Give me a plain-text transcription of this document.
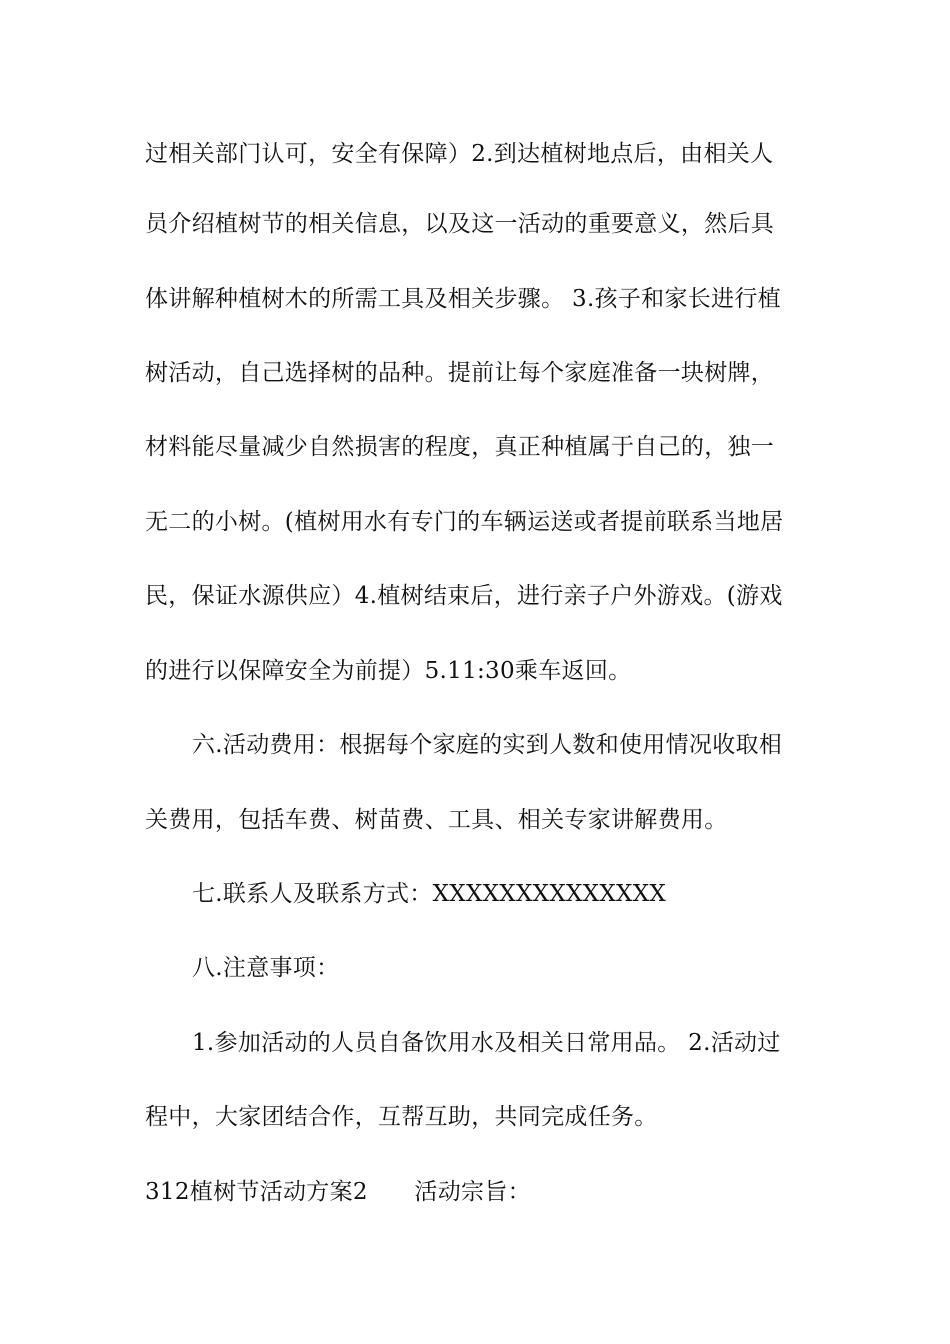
过相关部门认可，安全有保障）2.到达植树地点后，由相关人
员介绍植树节的相关信息，以及这一活动的重要意义，然后具
体讲解种植树木的所需工具及相关步骤。 3.孩子和家长进行植
树活动，自己选择树的品种。提前让每个家庭准备一块树牌，
材料能尽量减少自然损害的程度，真正种植属于自己的，独一
无二的小树。(植树用水有专门的车辆运送或者提前联系当地居
民，保证水源供应）4.植树结束后，进行亲子户外游戏。(游戏
的进行以保障安全为前提）5.11:30乘车返回。
六.活动费用：根据每个家庭的实到人数和使用情况收取相
关费用，包括车费、树苗费、工具、相关专家讲解费用。
七.联系人及联系方式：XXXXXXXXXXXXXX
八.注意事项：
1.参加活动的人员自备饮用水及相关日常用品。 2.活动过
程中，大家团结合作，互帮互助，共同完成任务。
312植树节活动方案2　　活动宗旨：
